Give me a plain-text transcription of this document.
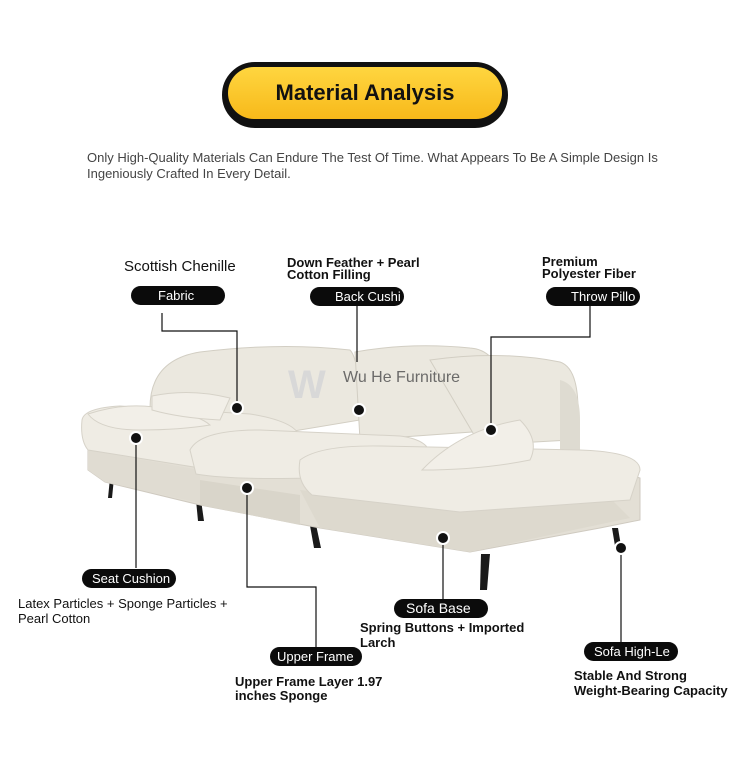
Material Analysis
Only High-Quality Materials Can Endure The Test Of Time. What Appears To Be A Simple Design Is Ingeniously Crafted In Every Detail.
W Wu He Furniture
Scottish Chenille
Fabric
Down Feather + Pearl
Cotton Filling
Back Cushi
Premium
Polyester Fiber
Throw Pillo
Seat Cushion
Latex Particles + Sponge Particles +
Pearl Cotton
Upper Frame
Upper Frame Layer 1.97
inches Sponge
Sofa Base
Spring Buttons + Imported
Larch
Sofa High-Le
Stable And Strong
Weight-Bearing Capacity
